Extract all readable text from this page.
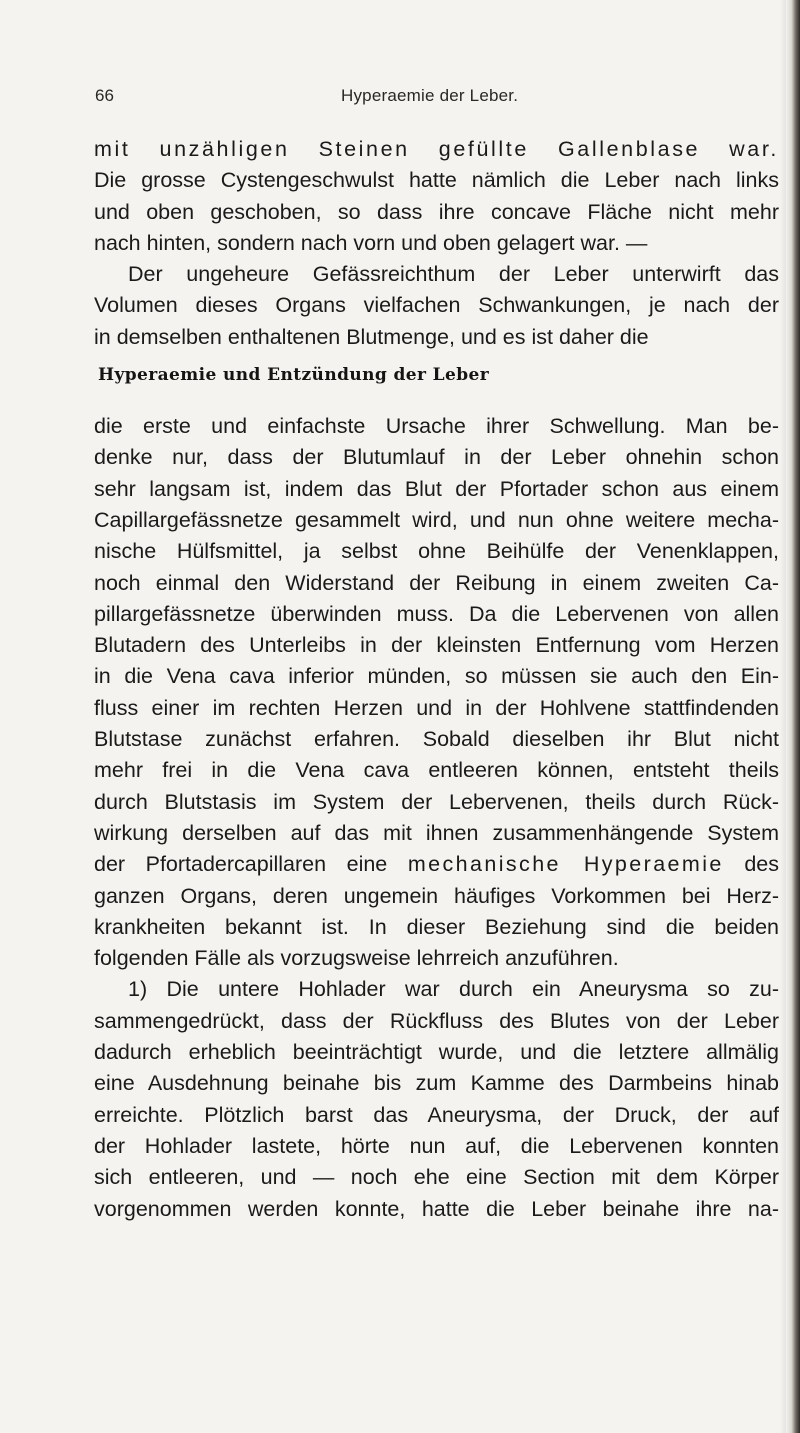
66	Hyperaemie der Leber.
mit unzähligen Steinen gefüllte Gallenblase war.
Die grosse Cystengeschwulst hatte nämlich die Leber nach links
und oben geschoben, so dass ihre concave Fläche nicht mehr
nach hinten, sondern nach vorn und oben gelagert war. —
Der ungeheure Gefässreichthum der Leber unterwirft das
Volumen dieses Organs vielfachen Schwankungen, je nach der
in demselben enthaltenen Blutmenge, und es ist daher die
Hyperaemie und Entzündung der Leber
die erste und einfachste Ursache ihrer Schwellung. Man be-
denke nur, dass der Blutumlauf in der Leber ohnehin schon
sehr langsam ist, indem das Blut der Pfortader schon aus einem
Capillargefässnetze gesammelt wird, und nun ohne weitere mecha-
nische Hülfsmittel, ja selbst ohne Beihülfe der Venenklappen,
noch einmal den Widerstand der Reibung in einem zweiten Ca-
pillargefässnetze überwinden muss. Da die Lebervenen von allen
Blutadern des Unterleibs in der kleinsten Entfernung vom Herzen
in die Vena cava inferior münden, so müssen sie auch den Ein-
fluss einer im rechten Herzen und in der Hohlvene stattfindenden
Blutstase zunächst erfahren. Sobald dieselben ihr Blut nicht
mehr frei in die Vena cava entleeren können, entsteht theils
durch Blutstasis im System der Lebervenen, theils durch Rück-
wirkung derselben auf das mit ihnen zusammenhängende System
der Pfortadercapillaren eine mechanische Hyperaemie des
ganzen Organs, deren ungemein häufiges Vorkommen bei Herz-
krankheiten bekannt ist. In dieser Beziehung sind die beiden
folgenden Fälle als vorzugsweise lehrreich anzuführen.
1) Die untere Hohlader war durch ein Aneurysma so zu-
sammengedrückt, dass der Rückfluss des Blutes von der Leber
dadurch erheblich beeinträchtigt wurde, und die letztere allmälig
eine Ausdehnung beinahe bis zum Kamme des Darmbeins hinab
erreichte. Plötzlich barst das Aneurysma, der Druck, der auf
der Hohlader lastete, hörte nun auf, die Lebervenen konnten
sich entleeren, und — noch ehe eine Section mit dem Körper
vorgenommen werden konnte, hatte die Leber beinahe ihre na-
